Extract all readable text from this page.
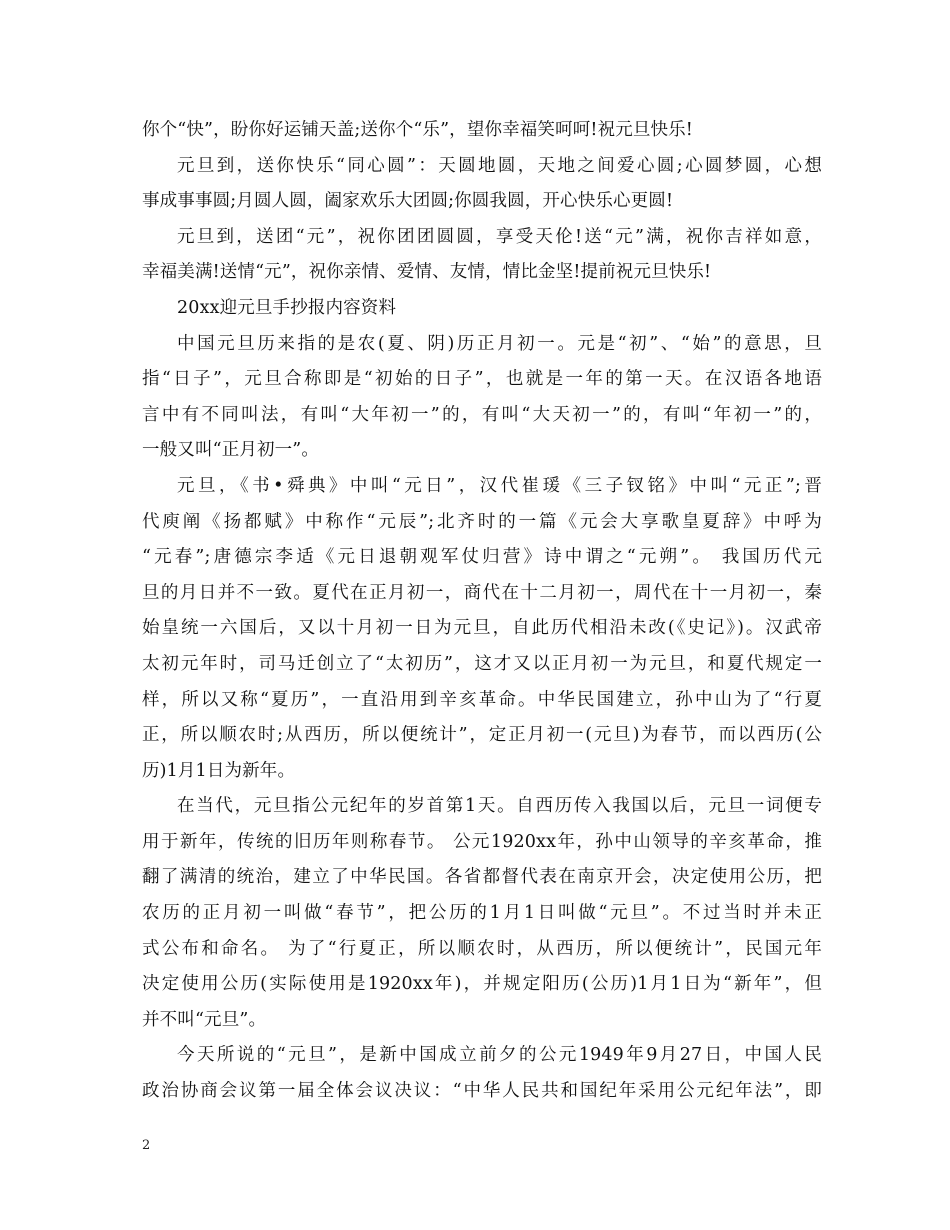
你个“快”，盼你好运铺天盖;送你个“乐”，望你幸福笑呵呵!祝元旦快乐!
元旦到，送你快乐“同心圆”：天圆地圆，天地之间爱心圆;心圆梦圆，心想
事成事事圆;月圆人圆，阖家欢乐大团圆;你圆我圆，开心快乐心更圆!
元旦到，送团“元”，祝你团团圆圆，享受天伦!送“元”满，祝你吉祥如意，
幸福美满!送情“元”，祝你亲情、爱情、友情，情比金坚!提前祝元旦快乐!
20xx迎元旦手抄报内容资料
中国元旦历来指的是农(夏、阴)历正月初一。元是“初”、“始”的意思，旦
指“日子”，元旦合称即是“初始的日子”，也就是一年的第一天。在汉语各地语
言中有不同叫法，有叫“大年初一”的，有叫“大天初一”的，有叫“年初一”的，
一般又叫“正月初一”。
元旦，《书•舜典》中叫“元日”，汉代崔瑗《三子钗铭》中叫“元正”;晋
代庾阐《扬都赋》中称作“元辰”;北齐时的一篇《元会大享歌皇夏辞》中呼为
“元春”;唐德宗李适《元日退朝观军仗归营》诗中谓之“元朔”。 我国历代元
旦的月日并不一致。夏代在正月初一，商代在十二月初一，周代在十一月初一，秦
始皇统一六国后，又以十月初一日为元旦，自此历代相沿未改(《史记》)。汉武帝
太初元年时，司马迁创立了“太初历”，这才又以正月初一为元旦，和夏代规定一
样，所以又称“夏历”，一直沿用到辛亥革命。中华民国建立，孙中山为了“行夏
正，所以顺农时;从西历，所以便统计”，定正月初一(元旦)为春节，而以西历(公
历)1月1日为新年。
在当代，元旦指公元纪年的岁首第1天。自西历传入我国以后，元旦一词便专
用于新年，传统的旧历年则称春节。 公元1920xx年，孙中山领导的辛亥革命，推
翻了满清的统治，建立了中华民国。各省都督代表在南京开会，决定使用公历，把
农历的正月初一叫做“春节”，把公历的1月1日叫做“元旦”。不过当时并未正
式公布和命名。 为了“行夏正，所以顺农时，从西历，所以便统计”，民国元年
决定使用公历(实际使用是1920xx年)，并规定阳历(公历)1月1日为“新年”，但
并不叫“元旦”。
今天所说的“元旦”，是新中国成立前夕的公元1949年9月27日，中国人民
政治协商会议第一届全体会议决议：“中华人民共和国纪年采用公元纪年法”，即
2
